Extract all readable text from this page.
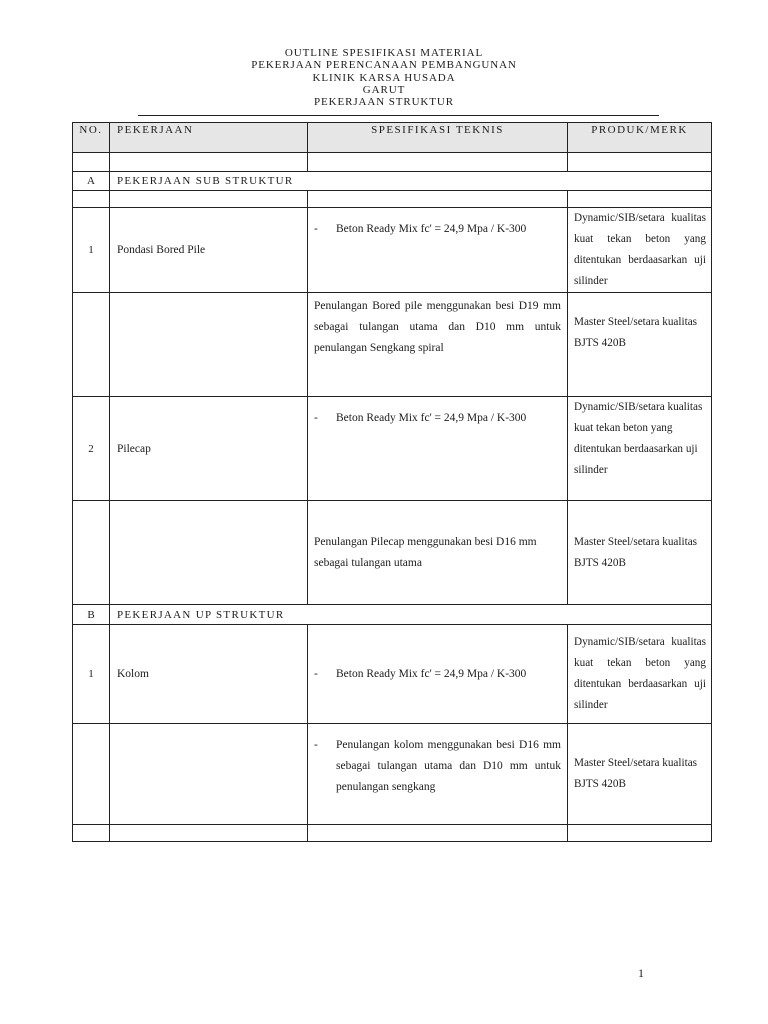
OUTLINE SPESIFIKASI MATERIAL
PEKERJAAN PERENCANAAN PEMBANGUNAN
KLINIK KARSA HUSADA
GARUT
PEKERJAAN STRUKTUR
NO.	PEKERJAAN	SPESIFIKASI TEKNIS	PRODUK/MERK

A	PEKERJAAN SUB STRUKTUR		

1	Pondasi Bored Pile	- Beton Ready Mix fc' = 24,9 Mpa / K-300	Dynamic/SIB/setara kualitas kuat tekan beton yang ditentukan berdaasarkan uji silinder
		Penulangan Bored pile menggunakan besi D19 mm sebagai tulangan utama dan D10 mm untuk penulangan Sengkang spiral	Master Steel/setara kualitas BJTS 420B
2	Pilecap	- Beton Ready Mix fc' = 24,9 Mpa / K-300	Dynamic/SIB/setara kualitas kuat tekan beton yang ditentukan berdaasarkan uji silinder
		Penulangan Pilecap menggunakan besi D16 mm sebagai tulangan utama	Master Steel/setara kualitas BJTS 420B
B	PEKERJAAN UP STRUKTUR		
1	Kolom	- Beton Ready Mix fc' = 24,9 Mpa / K-300	Dynamic/SIB/setara kualitas kuat tekan beton yang ditentukan berdaasarkan uji silinder

		- Penulangan kolom menggunakan besi D16 mm sebagai tulangan utama dan D10 mm untuk penulangan sengkang	Master Steel/setara kualitas BJTS 420B

1
